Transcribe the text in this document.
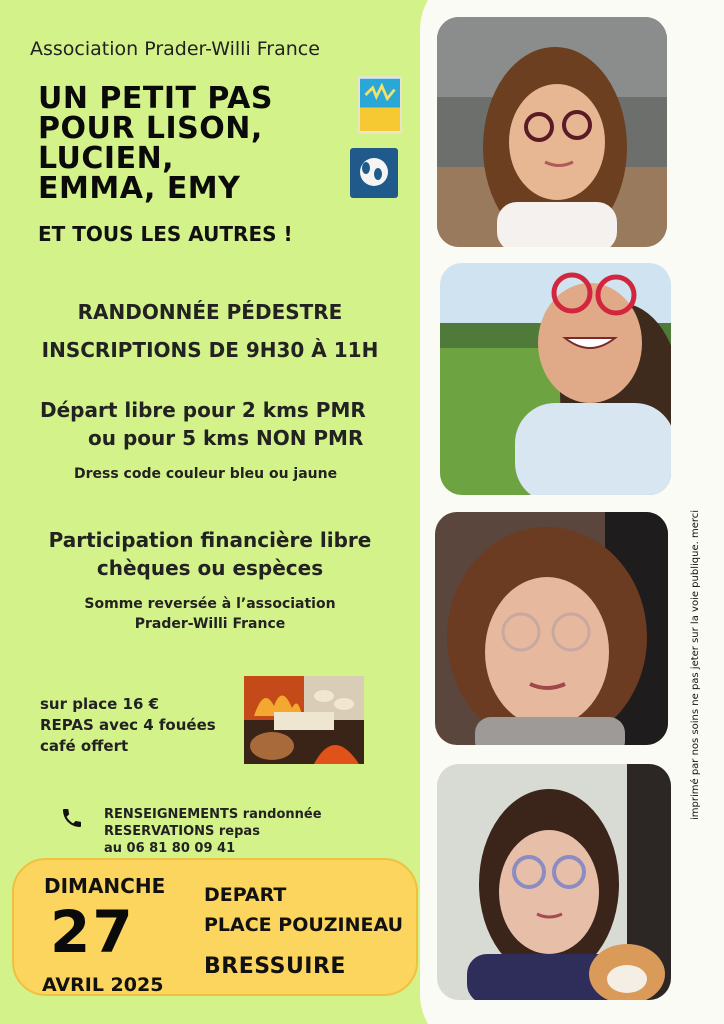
imprimé par nos soins ne pas jeter sur la voie publique. merci
Association Prader-Willi France
UN PETIT PAS
POUR LISON,
LUCIEN,
EMMA, EMY
ET TOUS LES AUTRES !
RANDONNÉE PÉDESTRE
INSCRIPTIONS DE 9H30 À 11H
Départ libre pour 2 kms PMR
ou pour 5 kms NON PMR
Dress code couleur bleu ou jaune
Participation financière libre
chèques ou espèces
Somme reversée à l’association
Prader-Willi France
sur place 16 €
REPAS avec 4 fouées
café offert
RENSEIGNEMENTS randonnée
RESERVATIONS repas
au 06 81 80 09 41
DIMANCHE
27
AVRIL 2025
DEPART
PLACE POUZINEAU
BRESSUIRE
